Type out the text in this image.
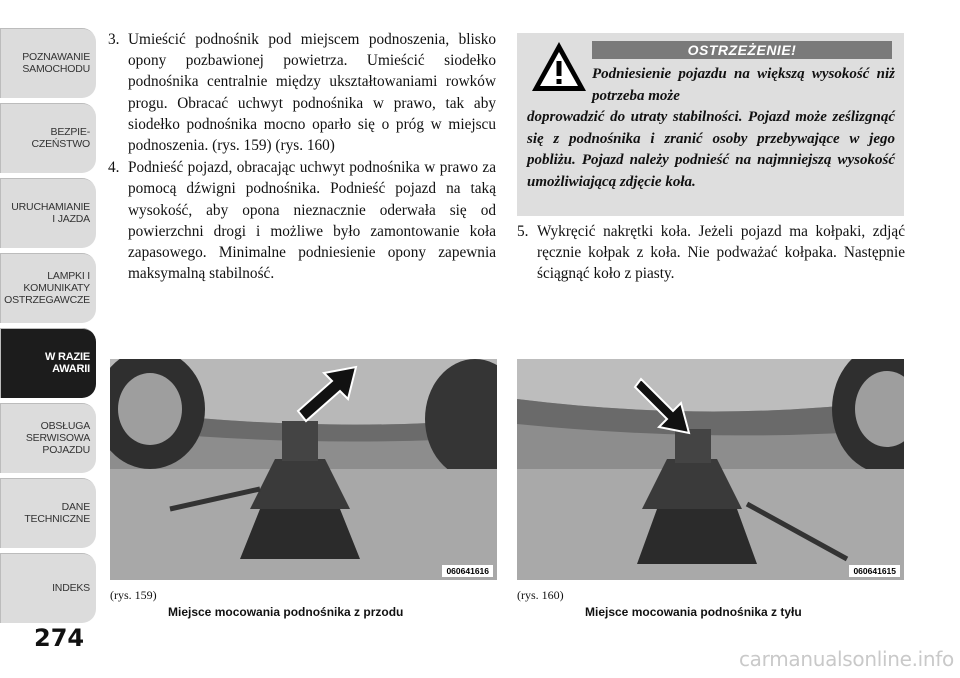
POZNAWANIE
SAMOCHODU
BEZPIE-
CZEŃSTWO
URUCHAMIANIE
I JAZDA
LAMPKI I
KOMUNIKATY
OSTRZEGAWCZE
W RAZIE
AWARII
OBSŁUGA
SERWISOWA
POJAZDU
DANE
TECHNICZNE
INDEKS
274
3. Umieścić podnośnik pod miejscem podnoszenia, blisko opony pozbawionej powietrza. Umieścić siodełko podnośnika centralnie między ukształtowaniami rowków progu. Obracać uchwyt podnośnika w prawo, tak aby siodełko podnośnika mocno oparło się o próg w miejscu podnoszenia. (rys. 159) (rys. 160)
4. Podnieść pojazd, obracając uchwyt podnośnika w prawo za pomocą dźwigni podnośnika. Podnieść pojazd na taką wysokość, aby opona nieznacznie oderwała się od powierzchni drogi i możliwe było zamontowanie koła zapasowego. Minimalne podniesienie opony zapewnia maksymalną stabilność.
OSTRZEŻENIE!
Podniesienie pojazdu na większą wysokość niż potrzeba może
doprowadzić do utraty stabilności. Pojazd może ześlizgnąć się z podnośnika i zranić osoby przebywające w jego pobliżu. Pojazd należy podnieść na najmniejszą wysokość umożliwiającą zdjęcie koła.
5. Wykręcić nakrętki koła. Jeżeli pojazd ma kołpaki, zdjąć ręcznie kołpak z koła. Nie podważać kołpaka. Następnie ściągnąć koło z piasty.
060641616	060641615
(rys. 159)
Miejsce mocowania podnośnika z przodu
(rys. 160)
Miejsce mocowania podnośnika z tyłu
carmanualsonline.info
